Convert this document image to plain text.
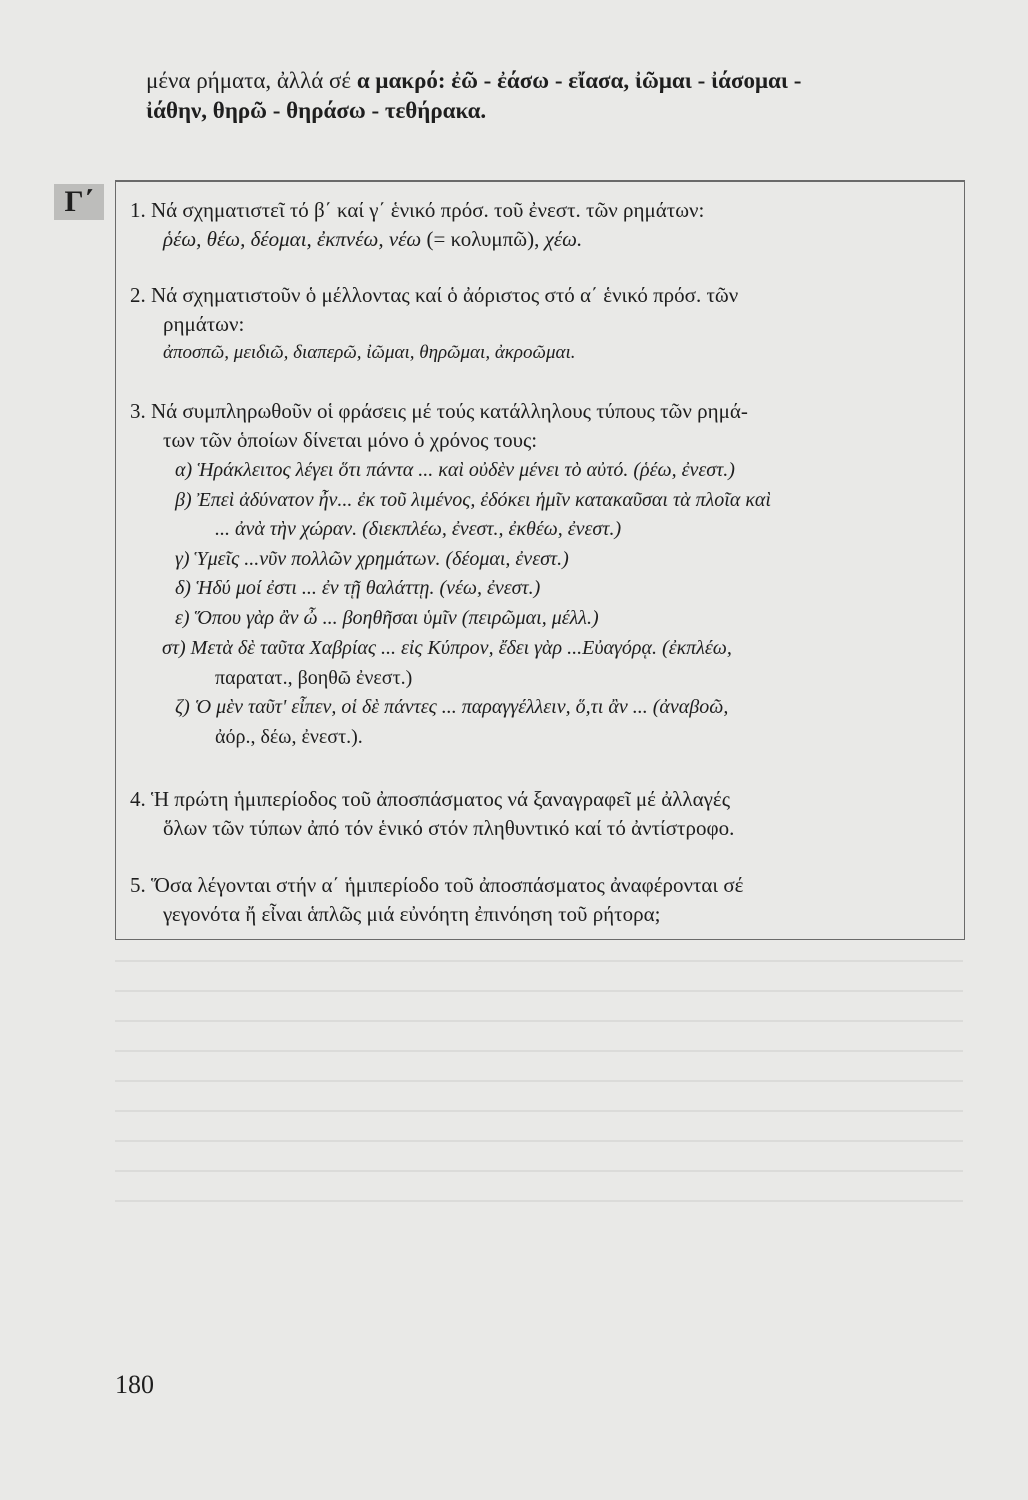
μένα ρήματα, ἀλλά σέ α μακρό: ἐῶ - ἐάσω - εἴασα, ἰῶμαι - ἰάσομαι -
ἰάθην, θηρῶ - θηράσω - τεθήρακα.
Γ΄	1. Νά σχηματιστεῖ τό β΄ καί γ΄ ἑνικό πρόσ. τοῦ ἐνεστ. τῶν ρημάτων:
ῥέω, θέω, δέομαι, ἐκπνέω, νέω (= κολυμπῶ), χέω.
2. Νά σχηματιστοῦν ὁ μέλλοντας καί ὁ ἀόριστος στό α΄ ἑνικό πρόσ. τῶν
ρημάτων:
ἀποσπῶ, μειδιῶ, διαπερῶ, ἰῶμαι, θηρῶμαι, ἀκροῶμαι.
3. Νά συμπληρωθοῦν οἱ φράσεις μέ τούς κατάλληλους τύπους τῶν ρημά-
των τῶν ὁποίων δίνεται μόνο ὁ χρόνος τους:
α) Ἡράκλειτος λέγει ὅτι πάντα ... καὶ οὐδὲν μένει τὸ αὐτό. (ῥέω, ἐνεστ.)
β) Ἐπεὶ ἀδύνατον ἦν... ἐκ τοῦ λιμένος, ἐδόκει ἡμῖν κατακαῦσαι τὰ πλοῖα καὶ
... ἀνὰ τὴν χώραν. (διεκπλέω, ἐνεστ., ἐκθέω, ἐνεστ.)
γ) Ὑμεῖς ...νῦν πολλῶν χρημάτων. (δέομαι, ἐνεστ.)
δ) Ἡδύ μοί ἐστι ... ἐν τῇ θαλάττῃ. (νέω, ἐνεστ.)
ε) Ὅπου γὰρ ἂν ὦ ... βοηθῆσαι ὑμῖν (πειρῶμαι, μέλλ.)
στ) Μετὰ δὲ ταῦτα Χαβρίας ... εἰς Κύπρον, ἔδει γὰρ ...Εὐαγόρᾳ. (ἐκπλέω,
παρατατ., βοηθῶ ἐνεστ.)
ζ) Ὁ μὲν ταῦτ' εἶπεν, οἱ δὲ πάντες ... παραγγέλλειν, ὅ,τι ἂν ... (ἀναβοῶ,
ἀόρ., δέω, ἐνεστ.).
4. Ἡ πρώτη ἡμιπερίοδος τοῦ ἀποσπάσματος νά ξαναγραφεῖ μέ ἀλλαγές
ὅλων τῶν τύπων ἀπό τόν ἑνικό στόν πληθυντικό καί τό ἀντίστροφο.
5. Ὅσα λέγονται στήν α΄ ἡμιπερίοδο τοῦ ἀποσπάσματος ἀναφέρονται σέ
γεγονότα ἤ εἶναι ἁπλῶς μιά εὐνόητη ἐπινόηση τοῦ ρήτορα;
180
